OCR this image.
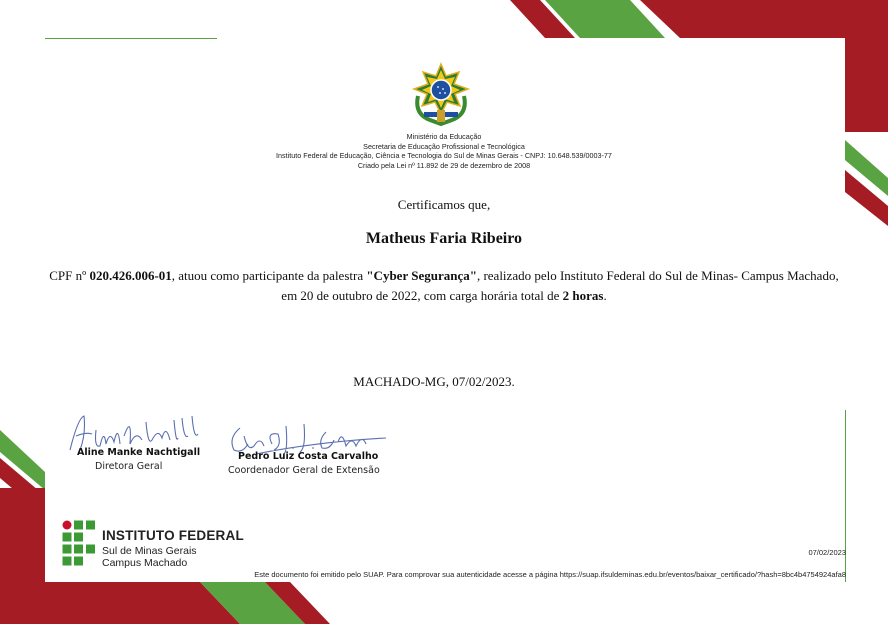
Ministério da Educação
Secretaria de Educação Profissional e Tecnológica
Instituto Federal de Educação, Ciência e Tecnologia do Sul de Minas Gerais - CNPJ: 10.648.539/0003-77
Criado pela Lei nº 11.892 de 29 de dezembro de 2008
Certificamos que,
Matheus Faria Ribeiro
CPF nº 020.426.006-01, atuou como participante da palestra "Cyber Segurança", realizado pelo Instituto Federal do Sul de Minas- Campus Machado, em 20 de outubro de 2022, com carga horária total de 2 horas.
MACHADO-MG, 07/02/2023.
Aline Manke Nachtigall
Diretora Geral
Pedro Luiz Costa Carvalho
Coordenador Geral de Extensão
INSTITUTO FEDERAL
Sul de Minas Gerais
Campus Machado
07/02/2023
Este documento foi emitido pelo SUAP. Para comprovar sua autenticidade acesse a página https://suap.ifsuldeminas.edu.br/eventos/baixar_certificado/?hash=8bc4b4754924afa8
